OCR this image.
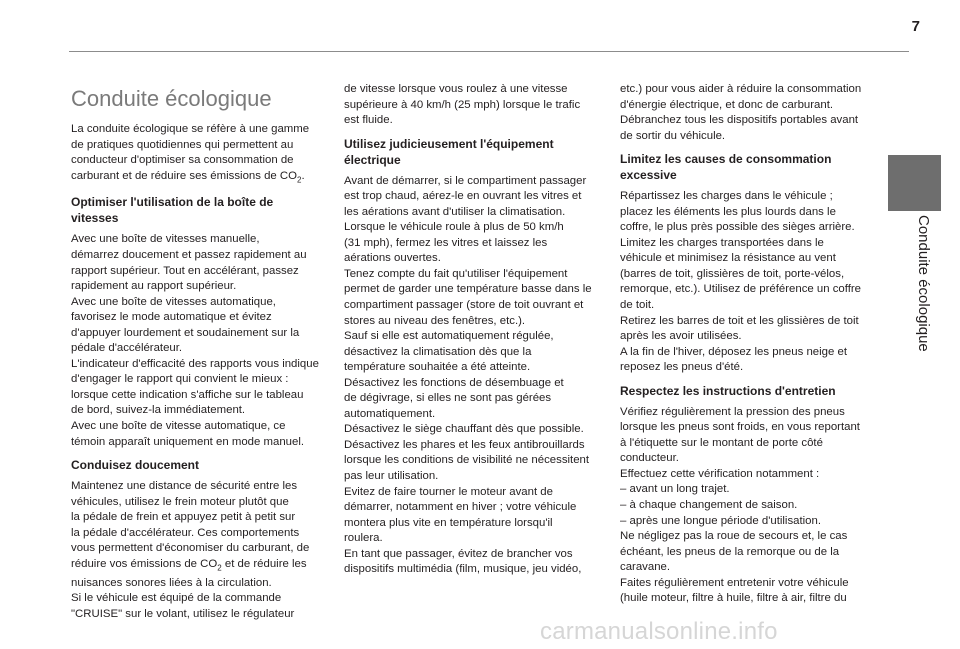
7
Conduite écologique
Conduite écologique

La conduite écologique se réfère à une gamme
de pratiques quotidiennes qui permettent au
conducteur d'optimiser sa consommation de
carburant et de réduire ses émissions de $CO_2$.

Optimiser l'utilisation de la boîte de
vitesses

Avec une boîte de vitesses manuelle,
démarrez doucement et passez rapidement au
rapport supérieur. Tout en accélérant, passez
rapidement au rapport supérieur.
Avec une boîte de vitesses automatique,
favorisez le mode automatique et évitez
d'appuyer lourdement et soudainement sur la
pédale d'accélérateur.
L'indicateur d'efficacité des rapports vous indique
d'engager le rapport qui convient le mieux :
lorsque cette indication s'affiche sur le tableau
de bord, suivez-la immédiatement.
Avec une boîte de vitesse automatique, ce
témoin apparaît uniquement en mode manuel.

Conduisez doucement

Maintenez une distance de sécurité entre les
véhicules, utilisez le frein moteur plutôt que
la pédale de frein et appuyez petit à petit sur
la pédale d'accélérateur. Ces comportements
vous permettent d'économiser du carburant, de
réduire vos émissions de $CO_2$ et de réduire les
nuisances sonores liées à la circulation.
Si le véhicule est équipé de la commande
"CRUISE" sur le volant, utilisez le régulateur

de vitesse lorsque vous roulez à une vitesse
supérieure à 40 km/h (25 mph) lorsque le trafic
est fluide.

Utilisez judicieusement l'équipement
électrique

Avant de démarrer, si le compartiment passager
est trop chaud, aérez-le en ouvrant les vitres et
les aérations avant d'utiliser la climatisation.
Lorsque le véhicule roule à plus de 50 km/h
(31 mph), fermez les vitres et laissez les
aérations ouvertes.
Tenez compte du fait qu'utiliser l'équipement
permet de garder une température basse dans le
compartiment passager (store de toit ouvrant et
stores au niveau des fenêtres, etc.).
Sauf si elle est automatiquement régulée,
désactivez la climatisation dès que la
température souhaitée a été atteinte.
Désactivez les fonctions de désembuage et
de dégivrage, si elles ne sont pas gérées
automatiquement.
Désactivez le siège chauffant dès que possible.
Désactivez les phares et les feux antibrouillards
lorsque les conditions de visibilité ne nécessitent
pas leur utilisation.
Evitez de faire tourner le moteur avant de
démarrer, notamment en hiver ; votre véhicule
montera plus vite en température lorsqu'il
roulera.
En tant que passager, évitez de brancher vos
dispositifs multimédia (film, musique, jeu vidéo,

etc.) pour vous aider à réduire la consommation
d'énergie électrique, et donc de carburant.
Débranchez tous les dispositifs portables avant
de sortir du véhicule.

Limitez les causes de consommation
excessive

Répartissez les charges dans le véhicule ;
placez les éléments les plus lourds dans le
coffre, le plus près possible des sièges arrière.
Limitez les charges transportées dans le
véhicule et minimisez la résistance au vent
(barres de toit, glissières de toit, porte-vélos,
remorque, etc.). Utilisez de préférence un coffre
de toit.
Retirez les barres de toit et les glissières de toit
après les avoir utilisées.
A la fin de l'hiver, déposez les pneus neige et
reposez les pneus d'été.

Respectez les instructions d'entretien

Vérifiez régulièrement la pression des pneus
lorsque les pneus sont froids, en vous reportant
à l'étiquette sur le montant de porte côté
conducteur.
Effectuez cette vérification notamment :
– avant un long trajet.
– à chaque changement de saison.
– après une longue période d'utilisation.
Ne négligez pas la roue de secours et, le cas
échéant, les pneus de la remorque ou de la
caravane.
Faites régulièrement entretenir votre véhicule
(huile moteur, filtre à huile, filtre à air, filtre du

carmanualsonline.info
